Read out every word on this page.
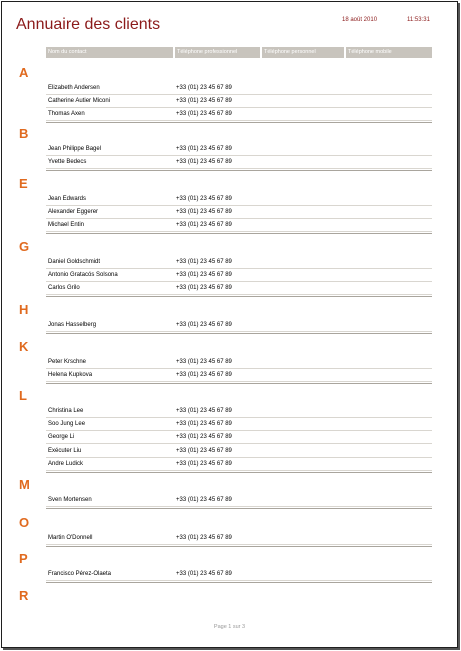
Annuaire des clients	18 août 2010	11:53:31
Nom du contact	Téléphone professionnel	Téléphone personnel	Téléphone mobile
A
Elizabeth Andersen	+33 (01) 23 45 67 89
Catherine Autier Miconi	+33 (01) 23 45 67 89
Thomas Axen	+33 (01) 23 45 67 89
B
Jean Philippe Bagel	+33 (01) 23 45 67 89
Yvette Bedecs	+33 (01) 23 45 67 89
E
Jean Edwards	+33 (01) 23 45 67 89
Alexander Eggerer	+33 (01) 23 45 67 89
Michael Entin	+33 (01) 23 45 67 89
G
Daniel Goldschmidt	+33 (01) 23 45 67 89
Antonio Gratacós Solsona	+33 (01) 23 45 67 89
Carlos Grilo	+33 (01) 23 45 67 89
H
Jonas Hasselberg	+33 (01) 23 45 67 89
K
Peter Krschne	+33 (01) 23 45 67 89
Helena Kupkova	+33 (01) 23 45 67 89
L
Christina Lee	+33 (01) 23 45 67 89
Soo Jung Lee	+33 (01) 23 45 67 89
George Li	+33 (01) 23 45 67 89
Exécuter Liu	+33 (01) 23 45 67 89
Andre Ludick	+33 (01) 23 45 67 89
M
Sven Mortensen	+33 (01) 23 45 67 89
O
Martin O'Donnell	+33 (01) 23 45 67 89
P
Francisco Pérez-Olaeta	+33 (01) 23 45 67 89
R
Page 1 sur 3
